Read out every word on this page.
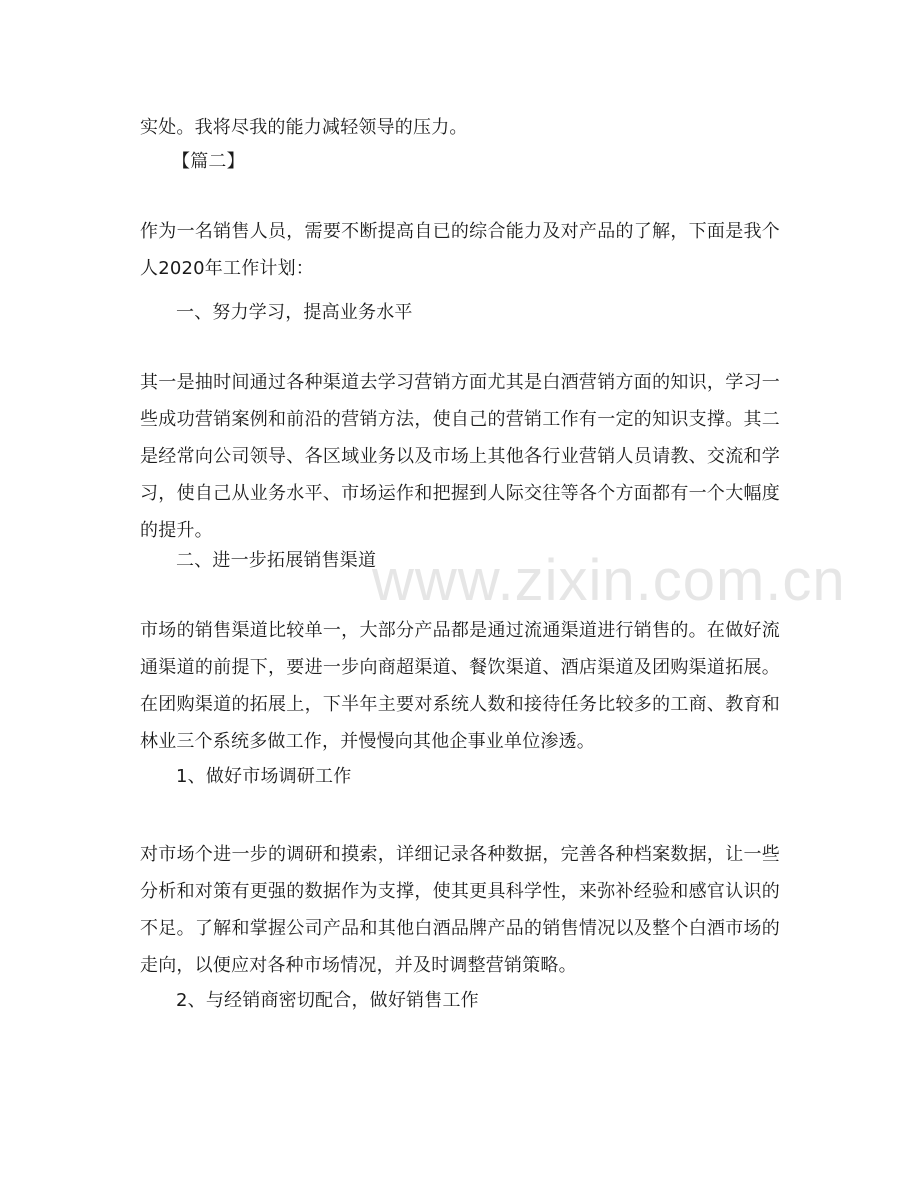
实处。我将尽我的能力减轻领导的压力。
【篇二】
作为一名销售人员，需要不断提高自已的综合能力及对产品的了解，下面是我个人2020年工作计划：
一、努力学习，提高业务水平
其一是抽时间通过各种渠道去学习营销方面尤其是白酒营销方面的知识，学习一些成功营销案例和前沿的营销方法，使自己的营销工作有一定的知识支撑。其二是经常向公司领导、各区域业务以及市场上其他各行业营销人员请教、交流和学习，使自己从业务水平、市场运作和把握到人际交往等各个方面都有一个大幅度的提升。
二、进一步拓展销售渠道
市场的销售渠道比较单一，大部分产品都是通过流通渠道进行销售的。在做好流通渠道的前提下，要进一步向商超渠道、餐饮渠道、酒店渠道及团购渠道拓展。在团购渠道的拓展上，下半年主要对系统人数和接待任务比较多的工商、教育和林业三个系统多做工作，并慢慢向其他企事业单位渗透。
1、做好市场调研工作
对市场个进一步的调研和摸索，详细记录各种数据，完善各种档案数据，让一些分析和对策有更强的数据作为支撑，使其更具科学性，来弥补经验和感官认识的不足。了解和掌握公司产品和其他白酒品牌产品的销售情况以及整个白酒市场的走向，以便应对各种市场情况，并及时调整营销策略。
2、与经销商密切配合，做好销售工作
www.zixin.com.cn
